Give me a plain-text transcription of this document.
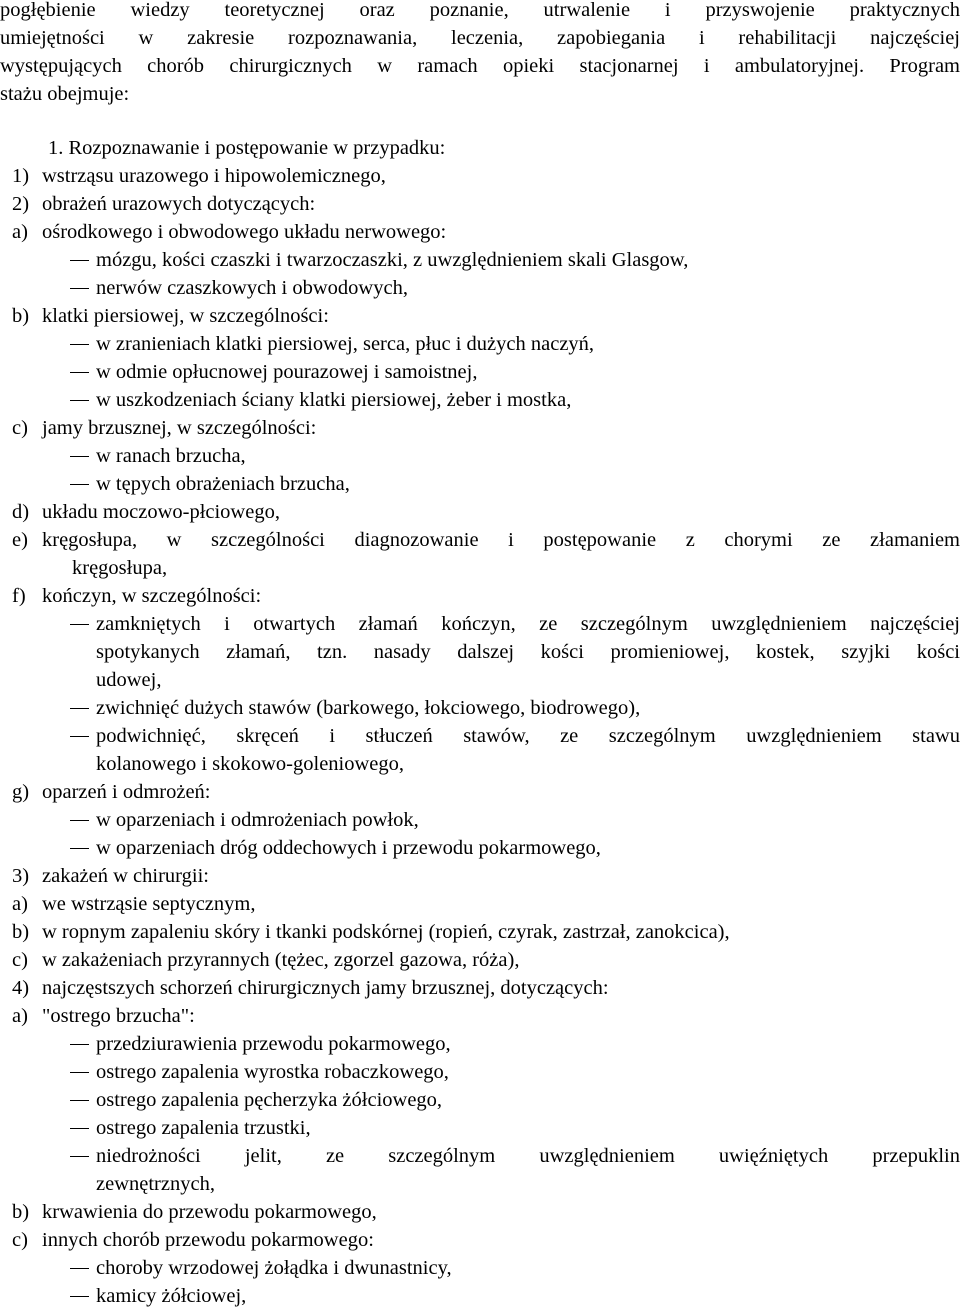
pogłębienie wiedzy teoretycznej oraz poznanie, utrwalenie i przyswojenie praktycznych
umiejętności w zakresie rozpoznawania, leczenia, zapobiegania i rehabilitacji najczęściej
występujących chorób chirurgicznych w ramach opieki stacjonarnej i ambulatoryjnej. Program
stażu obejmuje:
1. Rozpoznawanie i postępowanie w przypadku:
1) wstrząsu urazowego i hipowolemicznego,
2) obrażeń urazowych dotyczących:
a) ośrodkowego i obwodowego układu nerwowego:
mózgu, kości czaszki i twarzoczaszki, z uwzględnieniem skali Glasgow,
nerwów czaszkowych i obwodowych,
b) klatki piersiowej, w szczególności:
w zranieniach klatki piersiowej, serca, płuc i dużych naczyń,
w odmie opłucnowej pourazowej i samoistnej,
w uszkodzeniach ściany klatki piersiowej, żeber i mostka,
c) jamy brzusznej, w szczególności:
w ranach brzucha,
w tępych obrażeniach brzucha,
d) układu moczowo-płciowego,
e) kręgosłupa, w szczególności diagnozowanie i postępowanie z chorymi ze złamaniem
kręgosłupa,
f) kończyn, w szczególności:
zamkniętych i otwartych złamań kończyn, ze szczególnym uwzględnieniem najczęściej
spotykanych złamań, tzn. nasady dalszej kości promieniowej, kostek, szyjki kości
udowej,
zwichnięć dużych stawów (barkowego, łokciowego, biodrowego),
podwichnięć, skręceń i stłuczeń stawów, ze szczególnym uwzględnieniem stawu
kolanowego i skokowo-goleniowego,
g) oparzeń i odmrożeń:
w oparzeniach i odmrożeniach powłok,
w oparzeniach dróg oddechowych i przewodu pokarmowego,
3) zakażeń w chirurgii:
a) we wstrząsie septycznym,
b) w ropnym zapaleniu skóry i tkanki podskórnej (ropień, czyrak, zastrzał, zanokcica),
c) w zakażeniach przyrannych (tężec, zgorzel gazowa, róża),
4) najczęstszych schorzeń chirurgicznych jamy brzusznej, dotyczących:
a) "ostrego brzucha":
przedziurawienia przewodu pokarmowego,
ostrego zapalenia wyrostka robaczkowego,
ostrego zapalenia pęcherzyka żółciowego,
ostrego zapalenia trzustki,
niedrożności jelit, ze szczególnym uwzględnieniem uwięźniętych przepuklin
zewnętrznych,
b) krwawienia do przewodu pokarmowego,
c) innych chorób przewodu pokarmowego:
choroby wrzodowej żołądka i dwunastnicy,
kamicy żółciowej,
